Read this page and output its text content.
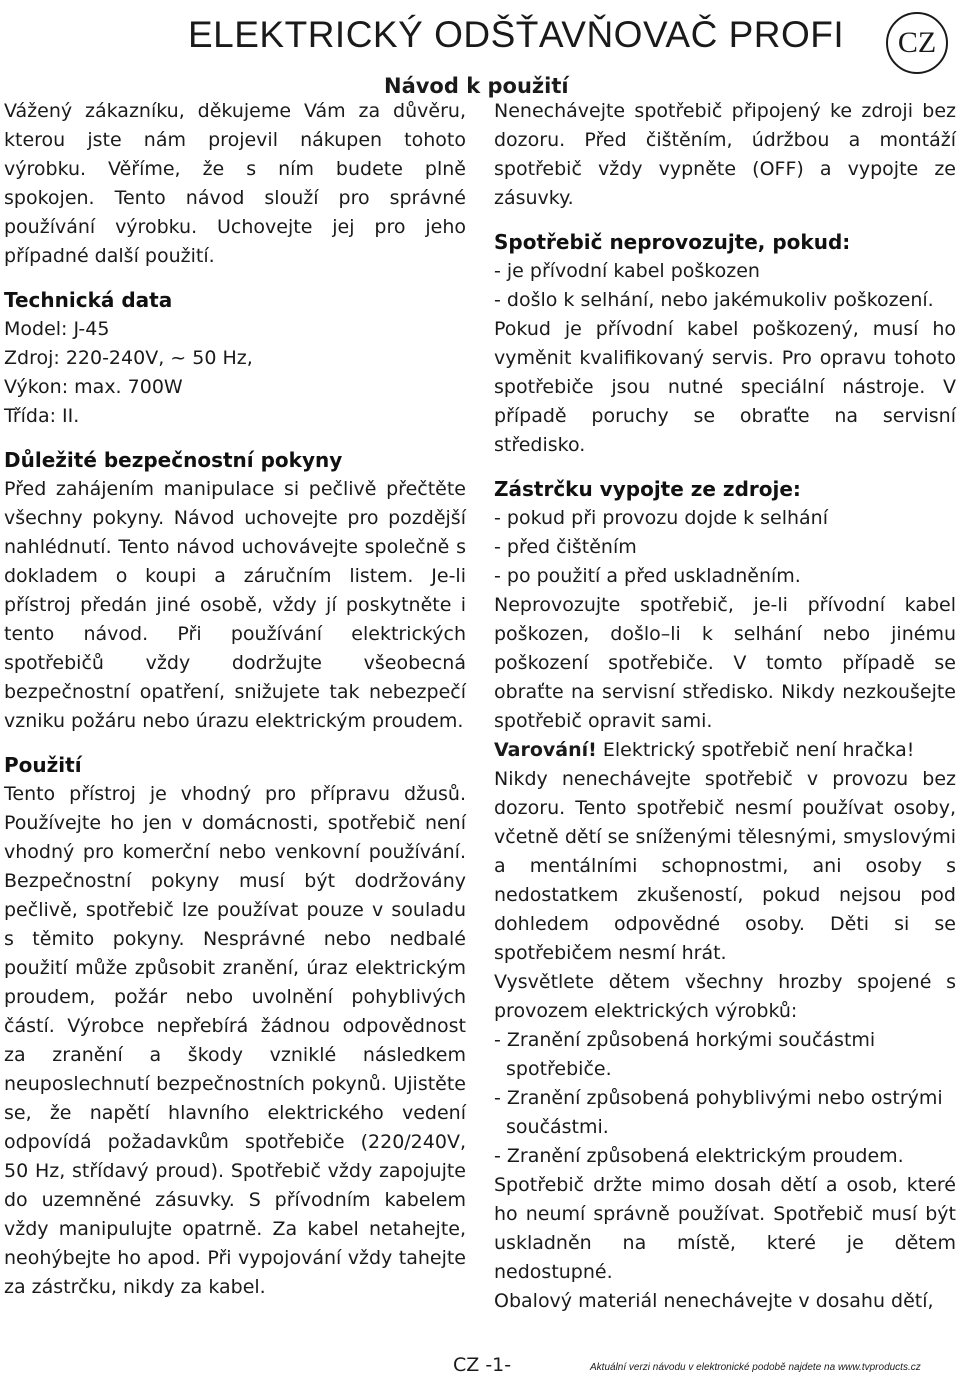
ELEKTRICKÝ ODŠŤAVŇOVAČ PROFI	CZ
Návod k použití

Vážený zákazníku, děkujeme Vám za důvěru, kterou jste nám projevil nákupen tohoto výrobku. Věříme, že s ním budete plně spokojen. Tento návod slouží pro správné používání výrobku. Uchovejte jej pro jeho případné další použití.

Technická data

Model: J-45

Zdroj: 220-240V, ~ 50 Hz,

Výkon: max. 700W

Třída: II.

Důležité bezpečnostní pokyny

Před zahájením manipulace si pečlivě přečtěte všechny pokyny. Návod uchovejte pro pozdější nahlédnutí. Tento návod uchovávejte společně s dokladem o koupi a záručním listem. Je-li přístroj předán jiné osobě, vždy jí poskytněte i tento návod. Při používání elektrických spotřebičů vždy dodržujte všeobecná bezpečnostní opatření, snižujete tak nebezpečí vzniku požáru nebo úrazu elektrickým proudem.

Použití

Tento přístroj je vhodný pro přípravu džusů. Používejte ho jen v domácnosti, spotřebič není vhodný pro komerční nebo venkovní používání. Bezpečnostní pokyny musí být dodržovány pečlivě, spotřebič lze používat pouze v souladu s těmito pokyny. Nesprávné nebo nedbalé použití může způsobit zranění, úraz elektrickým proudem, požár nebo uvolnění pohyblivých částí. Výrobce nepřebírá žádnou odpovědnost za zranění a škody vzniklé následkem neuposlechnutí bezpečnostních pokynů. Ujistěte se, že napětí hlavního elektrického vedení odpovídá požadavkům spotřebiče (220/240V, 50 Hz, střídavý proud). Spotřebič vždy zapojujte do uzemněné zásuvky. S přívodním kabelem vždy manipulujte opatrně. Za kabel netahejte, neohýbejte ho apod. Při vypojování vždy tahejte za zástrčku, nikdy za kabel.

Nenechávejte spotřebič připojený ke zdroji bez dozoru. Před čištěním, údržbou a montáží spotřebič vždy vypněte (OFF) a vypojte ze zásuvky.

Spotřebič neprovozujte, pokud:

- je přívodní kabel poškozen

- došlo k selhání, nebo jakémukoliv poškození.

Pokud je přívodní kabel poškozený, musí ho vyměnit kvalifikovaný servis. Pro opravu tohoto spotřebiče jsou nutné speciální nástroje. V případě poruchy se obraťte na servisní středisko.

Zástrčku vypojte ze zdroje:

- pokud při provozu dojde k selhání

- před čištěním

- po použití a před uskladněním.

Neprovozujte spotřebič, je-li přívodní kabel poškozen, došlo–li k selhání nebo jinému poškození spotřebiče. V tomto případě se obraťte na servisní středisko. Nikdy nezkoušejte spotřebič opravit sami.

Varování! Elektrický spotřebič není hračka!

Nikdy nenechávejte spotřebič v provozu bez dozoru. Tento spotřebič nesmí používat osoby, včetně dětí se sníženými tělesnými, smyslovými a mentálními schopnostmi, ani osoby s nedostatkem zkušeností, pokud nejsou pod dohledem odpovědné osoby. Děti si se spotřebičem nesmí hrát.

Vysvětlete dětem všechny hrozby spojené s provozem elektrických výrobků:

- Zranění způsobená horkými součástmi spotřebiče.

- Zranění způsobená pohyblivými nebo ostrými součástmi.

- Zranění způsobená elektrickým proudem.

Spotřebič držte mimo dosah dětí a osob, které ho neumí správně používat. Spotřebič musí být uskladněn na místě, které je dětem nedostupné.

Obalový materiál nenechávejte v dosahu dětí,

CZ -1-	Aktuální verzi návodu v elektronické podobě najdete na www.tvproducts.cz
